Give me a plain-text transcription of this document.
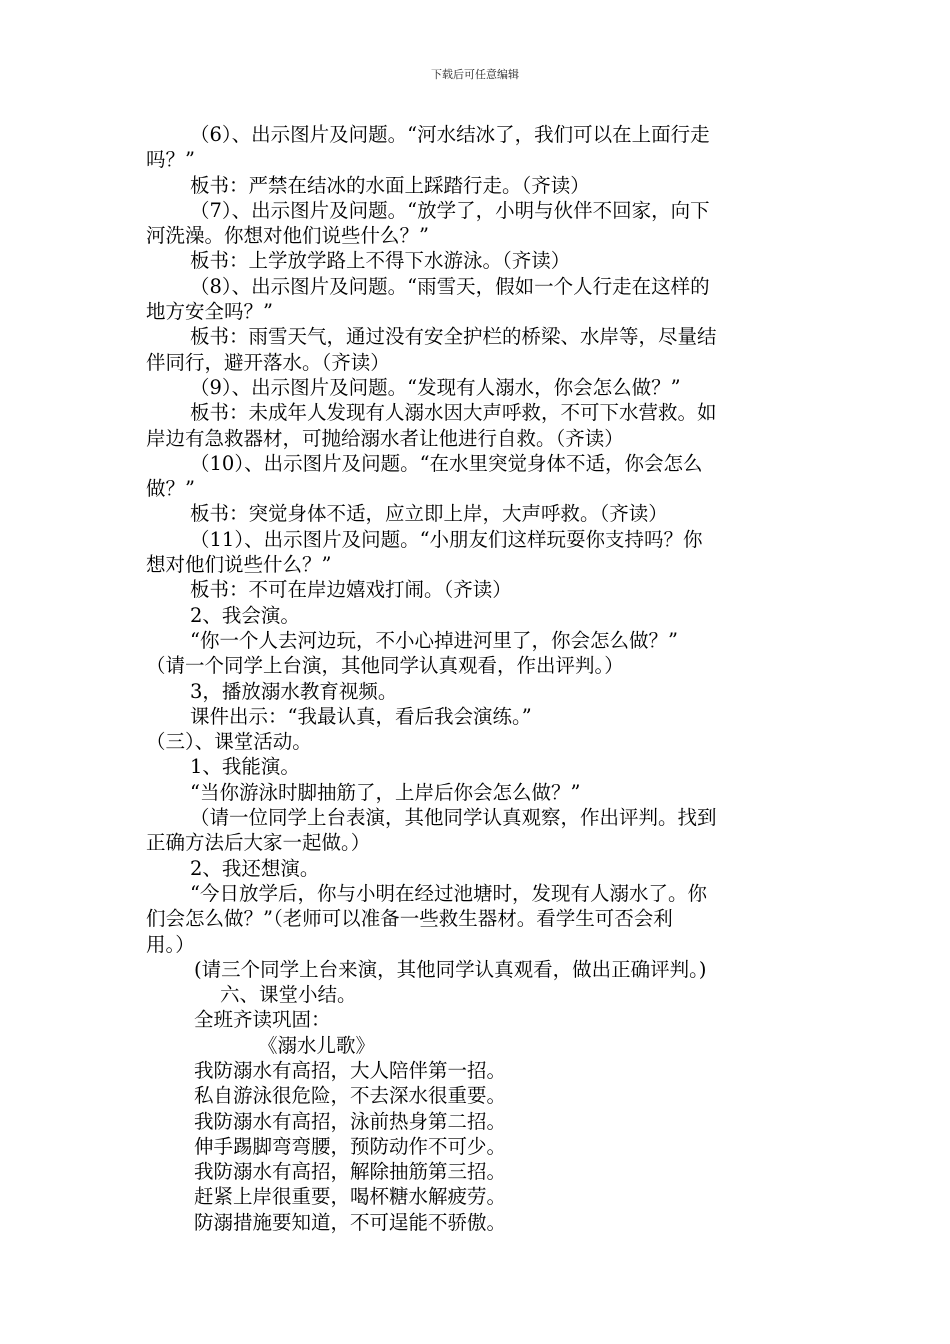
下载后可任意编辑
（6）、出示图片及问题。“河水结冰了，我们可以在上面行走
吗？”
板书：严禁在结冰的水面上踩踏行走。（齐读）
（7）、出示图片及问题。“放学了，小明与伙伴不回家，向下
河洗澡。你想对他们说些什么？”
板书：上学放学路上不得下水游泳。（齐读）
（8）、出示图片及问题。“雨雪天，假如一个人行走在这样的
地方安全吗？”
板书：雨雪天气，通过没有安全护栏的桥梁、水岸等，尽量结
伴同行，避开落水。（齐读）
（9）、出示图片及问题。“发现有人溺水，你会怎么做？”
板书：未成年人发现有人溺水因大声呼救，不可下水营救。如
岸边有急救器材，可抛给溺水者让他进行自救。（齐读）
（10）、出示图片及问题。“在水里突觉身体不适，你会怎么
做？”
板书：突觉身体不适，应立即上岸，大声呼救。（齐读）
（11）、出示图片及问题。“小朋友们这样玩耍你支持吗？你
想对他们说些什么？”
板书：不可在岸边嬉戏打闹。（齐读）
2、我会演。
“你一个人去河边玩，不小心掉进河里了，你会怎么做？”
（请一个同学上台演，其他同学认真观看，作出评判。）
3，播放溺水教育视频。
课件出示：“我最认真，看后我会演练。”
（三）、课堂活动。
1、我能演。
“当你游泳时脚抽筋了，上岸后你会怎么做？”
（请一位同学上台表演，其他同学认真观察，作出评判。找到
正确方法后大家一起做。）
2、我还想演。
“今日放学后，你与小明在经过池塘时，发现有人溺水了。你
们会怎么做？”（老师可以准备一些救生器材。看学生可否会利
用。）
(请三个同学上台来演，其他同学认真观看，做出正确评判。)
六、课堂小结。
全班齐读巩固：
《溺水儿歌》
我防溺水有高招，大人陪伴第一招。
私自游泳很危险，不去深水很重要。
我防溺水有高招，泳前热身第二招。
伸手踢脚弯弯腰，预防动作不可少。
我防溺水有高招，解除抽筋第三招。
赶紧上岸很重要，喝杯糖水解疲劳。
防溺措施要知道，不可逞能不骄傲。
